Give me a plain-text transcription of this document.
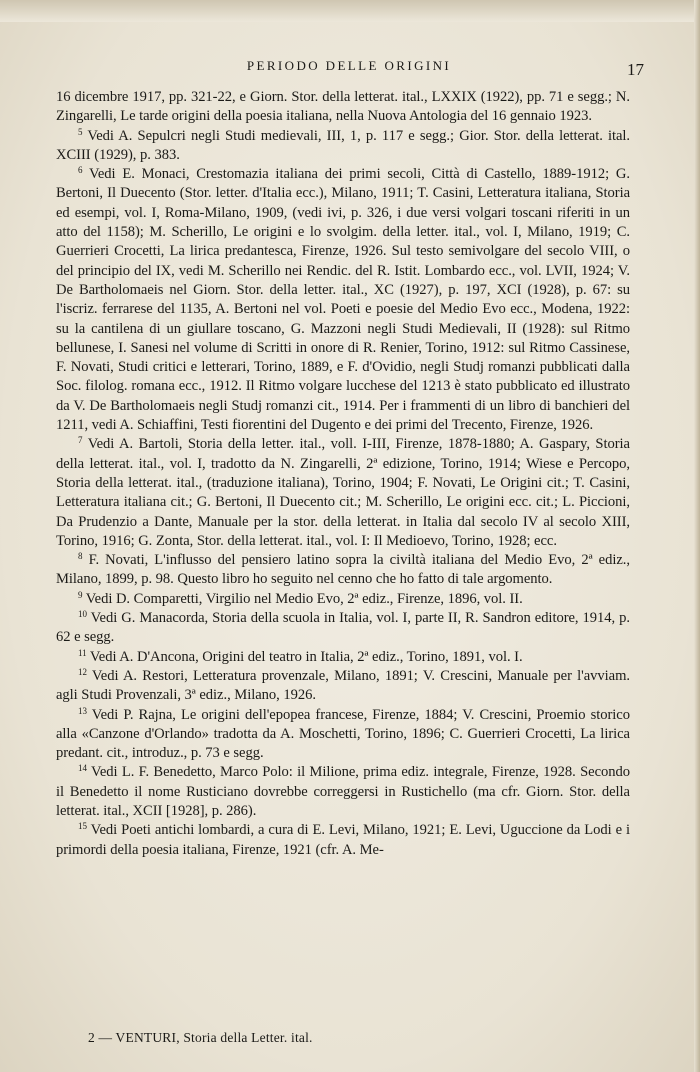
PERIODO DELLE ORIGINI	17

16 dicembre 1917, pp. 321-22, e Giorn. Stor. della letterat. ital., LXXIX (1922), pp. 71 e segg.; N. Zingarelli, Le tarde origini della poesia italiana, nella Nuova Antologia del 16 gennaio 1923.

$^5$ Vedi A. Sepulcri negli Studi medievali, III, 1, p. 117 e segg.; Gior. Stor. della letterat. ital. XCIII (1929), p. 383.

$^6$ Vedi E. Monaci, Crestomazia italiana dei primi secoli, Città di Castello, 1889-1912; G. Bertoni, Il Duecento (Stor. letter. d'Italia ecc.), Milano, 1911; T. Casini, Letteratura italiana, Storia ed esempi, vol. I, Roma-Milano, 1909, (vedi ivi, p. 326, i due versi volgari toscani riferiti in un atto del 1158); M. Scherillo, Le origini e lo svolgim. della letter. ital., vol. I, Milano, 1919; C. Guerrieri Crocetti, La lirica predantesca, Firenze, 1926. Sul testo semivolgare del secolo VIII, o del principio del IX, vedi M. Scherillo nei Rendic. del R. Istit. Lombardo ecc., vol. LVII, 1924; V. De Bartholomaeis nel Giorn. Stor. della letter. ital., XC (1927), p. 197, XCI (1928), p. 67: su l'iscriz. ferrarese del 1135, A. Bertoni nel vol. Poeti e poesie del Medio Evo ecc., Modena, 1922: su la cantilena di un giullare toscano, G. Mazzoni negli Studi Medievali, II (1928): sul Ritmo bellunese, I. Sanesi nel volume di Scritti in onore di R. Renier, Torino, 1912: sul Ritmo Cassinese, F. Novati, Studi critici e letterari, Torino, 1889, e F. d'Ovidio, negli Studj romanzi pubblicati dalla Soc. filolog. romana ecc., 1912. Il Ritmo volgare lucchese del 1213 è stato pubblicato ed illustrato da V. De Bartholomaeis negli Studj romanzi cit., 1914. Per i frammenti di un libro di banchieri del 1211, vedi A. Schiaffini, Testi fiorentini del Dugento e dei primi del Trecento, Firenze, 1926.

$^7$ Vedi A. Bartoli, Storia della letter. ital., voll. I-III, Firenze, 1878-1880; A. Gaspary, Storia della letterat. ital., vol. I, tradotto da N. Zingarelli, 2ª edizione, Torino, 1914; Wiese e Percopo, Storia della letterat. ital., (traduzione italiana), Torino, 1904; F. Novati, Le Origini cit.; T. Casini, Letteratura italiana cit.; G. Bertoni, Il Duecento cit.; M. Scherillo, Le origini ecc. cit.; L. Piccioni, Da Prudenzio a Dante, Manuale per la stor. della letterat. in Italia dal secolo IV al secolo XIII, Torino, 1916; G. Zonta, Stor. della letterat. ital., vol. I: Il Medioevo, Torino, 1928; ecc.

$^8$ F. Novati, L'influsso del pensiero latino sopra la civiltà italiana del Medio Evo, 2ª ediz., Milano, 1899, p. 98. Questo libro ho seguito nel cenno che ho fatto di tale argomento.

$^9$ Vedi D. Comparetti, Virgilio nel Medio Evo, 2ª ediz., Firenze, 1896, vol. II.

$^{10}$ Vedi G. Manacorda, Storia della scuola in Italia, vol. I, parte II, R. Sandron editore, 1914, p. 62 e segg.

$^{11}$ Vedi A. D'Ancona, Origini del teatro in Italia, 2ª ediz., Torino, 1891, vol. I.

$^{12}$ Vedi A. Restori, Letteratura provenzale, Milano, 1891; V. Crescini, Manuale per l'avviam. agli Studi Provenzali, 3ª ediz., Milano, 1926.

$^{13}$ Vedi P. Rajna, Le origini dell'epopea francese, Firenze, 1884; V. Crescini, Proemio storico alla «Canzone d'Orlando» tradotta da A. Moschetti, Torino, 1896; C. Guerrieri Crocetti, La lirica predant. cit., introduz., p. 73 e segg.

$^{14}$ Vedi L. F. Benedetto, Marco Polo: il Milione, prima ediz. integrale, Firenze, 1928. Secondo il Benedetto il nome Rusticiano dovrebbe correggersi in Rustichello (ma cfr. Giorn. Stor. della letterat. ital., XCII [1928], p. 286).

$^{15}$ Vedi Poeti antichi lombardi, a cura di E. Levi, Milano, 1921; E. Levi, Uguccione da Lodi e i primordi della poesia italiana, Firenze, 1921 (cfr. A. Me-

2 — VENTURI, Storia della Letter. ital.
